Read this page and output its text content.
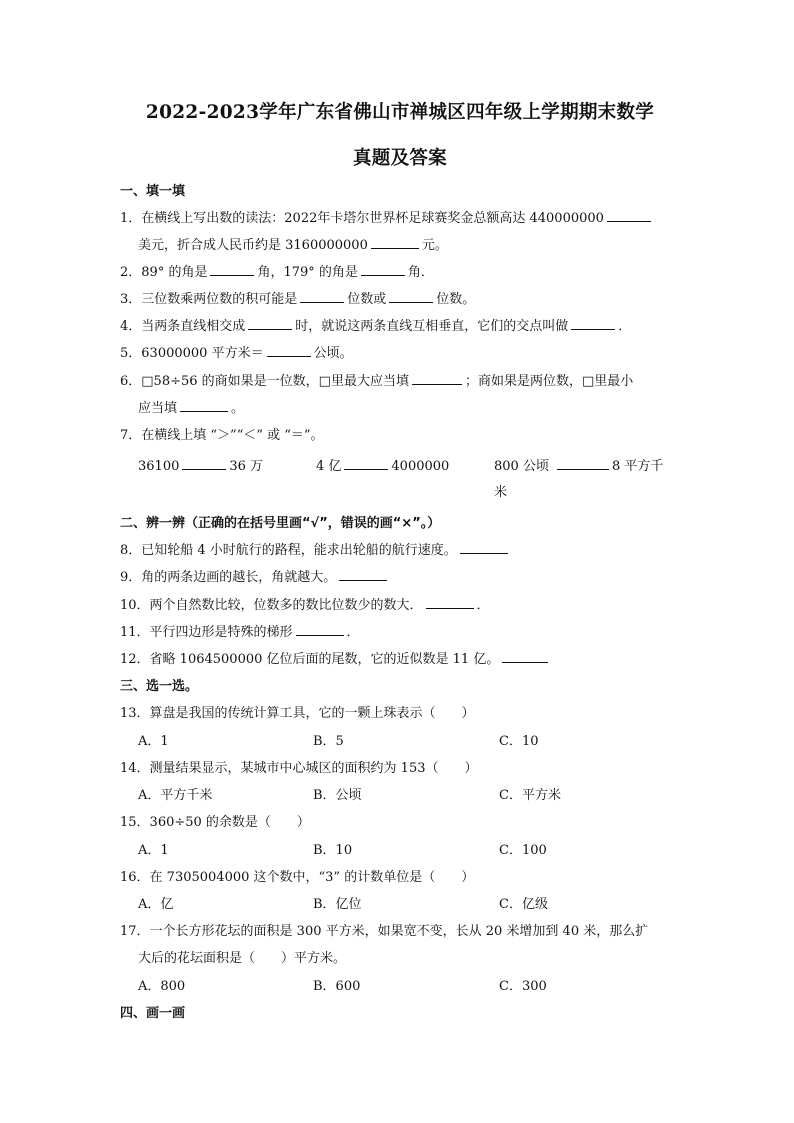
2022-2023学年广东省佛山市禅城区四年级上学期期末数学
真题及答案
一、填一填
1．在横线上写出数的读法：2022年卡塔尔世界杯足球赛奖金总额高达 440000000
美元，折合成人民币约是 3160000000	元。
2．89° 的角是	角，179° 的角是	角．
3．三位数乘两位数的积可能是	位数或	位数。
4．当两条直线相交成	时，就说这两条直线互相垂直，它们的交点叫做	．
5．63000000 平方米＝	公顷。
6．□58÷56 的商如果是一位数，□里最大应当填	；商如果是两位数，□里最小
应当填	。
7．在横线上填 “＞”“＜” 或 “＝”。
36100	36 万	4 亿	4000000	800 公顷	8 平方千
米
二、辨一辨（正确的在括号里画“√”，错误的画“×”。）
8．已知轮船 4 小时航行的路程，能求出轮船的航行速度。
9．角的两条边画的越长，角就越大。
10．两个自然数比较，位数多的数比位数少的数大．	．
11．平行四边形是特殊的梯形	．
12．省略 1064500000 亿位后面的尾数，它的近似数是 11 亿。
三、选一选。
13．算盘是我国的传统计算工具，它的一颗上珠表示（　　）
A．1	B．5	C．10
14．测量结果显示，某城市中心城区的面积约为 153（　　）
A．平方千米	B．公顷	C．平方米
15．360÷50 的余数是（　　）
A．1	B．10	C．100
16．在 7305004000 这个数中，“3” 的计数单位是（　　）
A．亿	B．亿位	C．亿级
17．一个长方形花坛的面积是 300 平方米，如果宽不变，长从 20 米增加到 40 米，那么扩
大后的花坛面积是（　　）平方米。
A．800	B．600	C．300
四、画一画
